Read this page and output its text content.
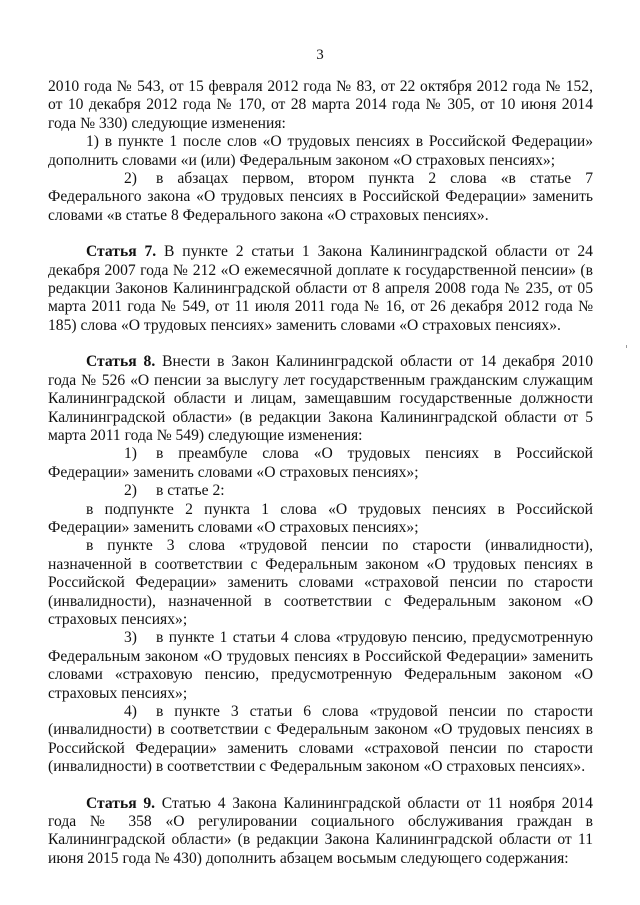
3

2010 года № 543, от 15 февраля 2012 года № 83, от 22 октября 2012 года № 152, от 10 декабря 2012 года № 170, от 28 марта 2014 года № 305, от 10 июня 2014 года № 330) следующие изменения:

1) в пункте 1 после слов «О трудовых пенсиях в Российской Федерации» дополнить словами «и (или) Федеральным законом «О страховых пенсиях»;

2) в абзацах первом, втором пункта 2 слова «в статье 7 Федерального закона «О трудовых пенсиях в Российской Федерации» заменить словами «в статье 8 Федерального закона «О страховых пенсиях».

Статья 7. В пункте 2 статьи 1 Закона Калининградской области от 24 декабря 2007 года № 212 «О ежемесячной доплате к государственной пенсии» (в редакции Законов Калининградской области от 8 апреля 2008 года № 235, от 05 марта 2011 года № 549, от 11 июля 2011 года № 16, от 26 декабря 2012 года № 185) слова «О трудовых пенсиях» заменить словами «О страховых пенсиях».

Статья 8. Внести в Закон Калининградской области от 14 декабря 2010 года № 526 «О пенсии за выслугу лет государственным гражданским служащим Калининградской области и лицам, замещавшим государственные должности Калининградской области» (в редакции Закона Калининградской области от 5 марта 2011 года № 549) следующие изменения:

1) в преамбуле слова «О трудовых пенсиях в Российской Федерации» заменить словами «О страховых пенсиях»;

2) в статье 2:

в подпункте 2 пункта 1 слова «О трудовых пенсиях в Российской Федерации» заменить словами «О страховых пенсиях»;

в пункте 3 слова «трудовой пенсии по старости (инвалидности), назначенной в соответствии с Федеральным законом «О трудовых пенсиях в Российской Федерации» заменить словами «страховой пенсии по старости (инвалидности), назначенной в соответствии с Федеральным законом «О страховых пенсиях»;

3) в пункте 1 статьи 4 слова «трудовую пенсию, предусмотренную Федеральным законом «О трудовых пенсиях в Российской Федерации» заменить словами «страховую пенсию, предусмотренную Федеральным законом «О страховых пенсиях»;

4) в пункте 3 статьи 6 слова «трудовой пенсии по старости (инвалидности) в соответствии с Федеральным законом «О трудовых пенсиях в Российской Федерации» заменить словами «страховой пенсии по старости (инвалидности) в соответствии с Федеральным законом «О страховых пенсиях».

Статья 9. Статью 4 Закона Калининградской области от 11 ноября 2014 года № 358 «О регулировании социального обслуживания граждан в Калининградской области» (в редакции Закона Калининградской области от 11 июня 2015 года № 430) дополнить абзацем восьмым следующего содержания:
